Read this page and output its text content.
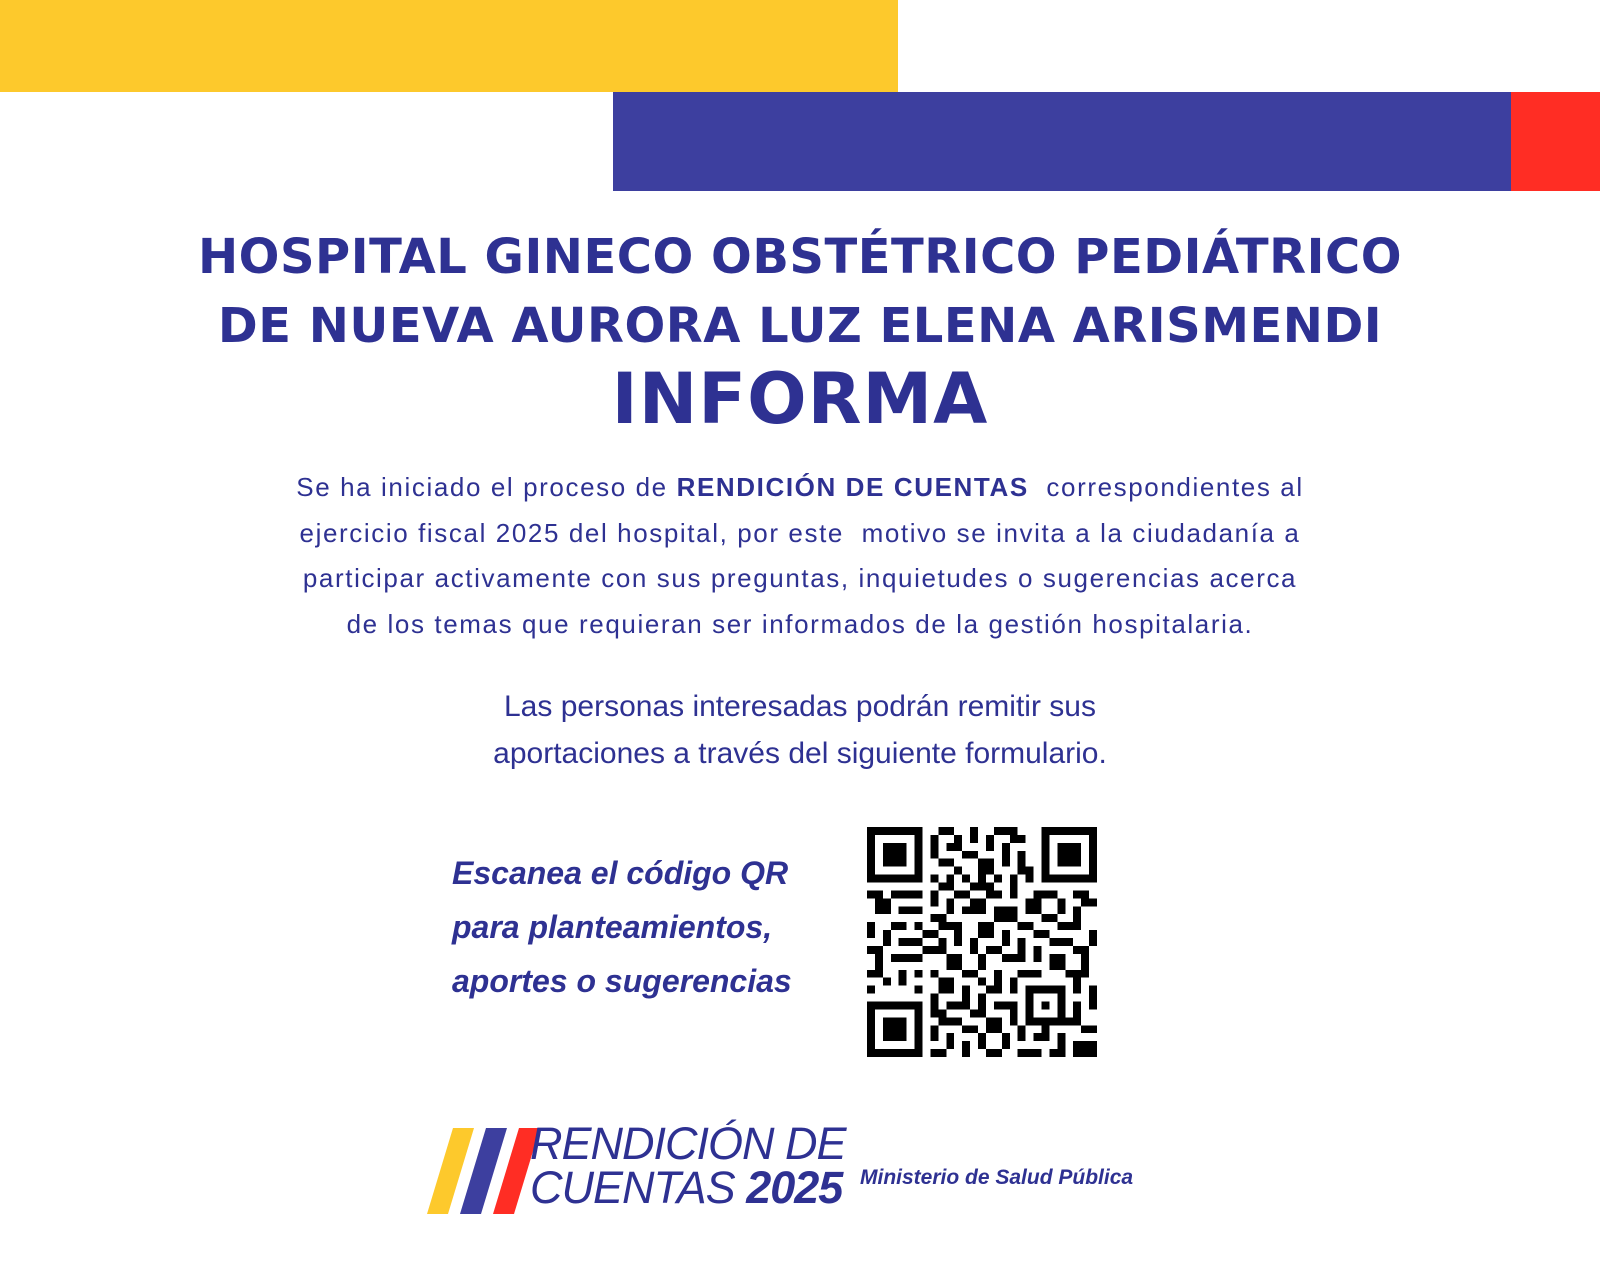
HOSPITAL GINECO OBSTÉTRICO PEDIÁTRICO
DE NUEVA AURORA LUZ ELENA ARISMENDI
INFORMA

Se ha iniciado el proceso de RENDICIÓN DE CUENTAS  correspondientes al
ejercicio fiscal 2025 del hospital, por este  motivo se invita a la ciudadanía a
participar activamente con sus preguntas, inquietudes o sugerencias acerca
de los temas que requieran ser informados de la gestión hospitalaria.

Las personas interesadas podrán remitir sus
aportaciones a través del siguiente formulario.

Escanea el código QR
para planteamientos,
aportes o sugerencias

RENDICIÓN DE
CUENTAS 2025 Ministerio de Salud Pública
